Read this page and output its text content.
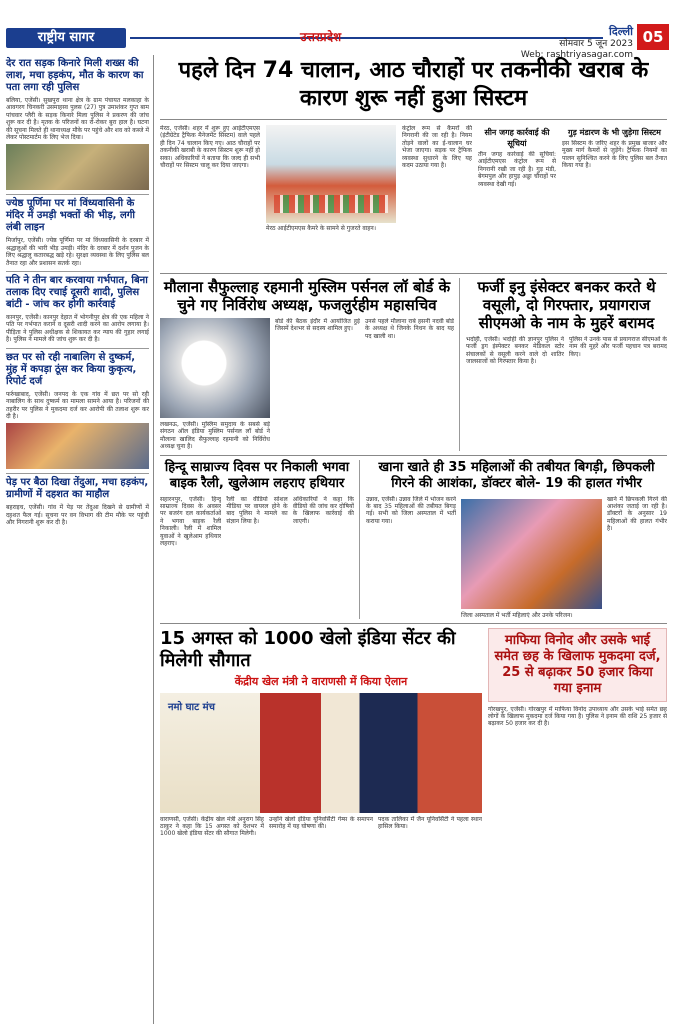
राष्ट्रीय सागर	उत्तरप्रदेश	दिल्ली
सोमवार 5 जून 2023
Web: rashtriyasagar.com
05
देर रात सड़क किनारे मिली शख्स की लाश, मचा हड़कंप, मौत के कारण का पता लगा रही पुलिस
बलिया, एजेंसी। सुखपुरा थाना क्षेत्र के ग्राम पंचायत मलकाहा के आवगरग चिनकरी उसमाहस्व पुलस (27) पुत्र उमाशंकर गुप्त बाम पांचवार प्लैरी के सड़क किनारे मिला पुलिस ने प्रकरण की जांच शुरू कर दी है। मृतक के परिजनों का रो-रोकर बुरा हाल है। घटना की सूचना मिलते ही थानाध्यक्ष मौके पर पहुंचे और शव को कब्जे में लेकर पोस्टमार्टम के लिए भेज दिया।
ज्येष्ठ पूर्णिमा पर मां विंध्यवासिनी के मंदिर में उमड़ी भक्तों की भीड़, लगी लंबी लाइन
मिर्जापुर, एजेंसी। ज्येष्ठ पूर्णिमा पर मां विंध्यवासिनी के दरबार में श्रद्धालुओं की भारी भीड़ उमड़ी। मंदिर के दरबार में दर्शन पूजन के लिए श्रद्धालु कतारबद्ध खड़े रहे। सुरक्षा व्यवस्था के लिए पुलिस बल तैनात रहा और प्रशासन सतर्क रहा।
पति ने तीन बार करवाया गर्भपात, बिना तलाक दिए रचाई दूसरी शादी, पुलिस बांटी - जांच कर होगी कार्रवाई
कानपुर, एजेंसी। कानपुर देहात में भोगनीपुर क्षेत्र की एक महिला ने पति पर गर्भपात कराने व दूसरी शादी करने का आरोप लगाया है। पीड़िता ने पुलिस अधीक्षक से शिकायत कर न्याय की गुहार लगाई है। पुलिस ने मामले की जांच शुरू कर दी है।
छत पर सो रही नाबालिग से दुष्कर्म, मुंह में कपड़ा ठूंस कर किया कुकृत्य, रिपोर्ट दर्ज
फर्रुखाबाद, एजेंसी। जनपद के एक गांव में छत पर सो रही नाबालिग के साथ दुष्कर्म का मामला सामने आया है। परिजनों की तहरीर पर पुलिस ने मुकदमा दर्ज कर आरोपी की तलाश शुरू कर दी है।
पेड़ पर बैठा दिखा तेंदुआ, मचा हड़कंप, ग्रामीणों में दहशत का माहौल
बहराइच, एजेंसी। गांव में पेड़ पर तेंदुआ दिखने से ग्रामीणों में दहशत फैल गई। सूचना पर वन विभाग की टीम मौके पर पहुंची और निगरानी शुरू कर दी है।
पहले दिन 74 चालान, आठ चौराहों पर तकनीकी खराब के कारण शुरू नहीं हुआ सिस्टम
मेरठ, एजेंसी। शहर में शुरू हुए आईटीएमएस (इंटीग्रेटेड ट्रैफिक मैनेजमेंट सिस्टम) वाले पहले ही दिन 74 चालान किए गए। आठ चौराहों पर तकनीकी खराबी के कारण सिस्टम शुरू नहीं हो सका। अधिकारियों ने बताया कि जल्द ही सभी चौराहों पर सिस्टम चालू कर दिया जाएगा।
मेरठ आईटीएमएस कैमरे के सामने से गुजरते वाहन।
कंट्रोल रूम से कैमरों की निगरानी की जा रही है। नियम तोड़ने वालों का ई-चालान घर भेजा जाएगा। सड़क पर ट्रैफिक व्यवस्था सुधारने के लिए यह कदम उठाया गया है।
सीन जगह कार्रवाई की सूचियां
तीन जगह कार्रवाई की सूचियां: आईटीएमएस कंट्रोल रूम से निगरानी रखी जा रही है। गुड़ मंडी, बेगमपुल और हापुड़ अड्डा चौराहों पर व्यवस्था देखी गई।
गुड़ मंडारण के भी जुड़ेगा सिस्टम
इस सिस्टम के जरिए शहर के प्रमुख बाजार और मुख्य मार्ग कैमरों से जुड़ेंगे। ट्रैफिक नियमों का पालन सुनिश्चित करने के लिए पुलिस बल तैनात किया गया है।
मौलाना सैफुल्लाह रहमानी मुस्लिम पर्सनल लॉ बोर्ड के चुने गए निर्विरोध अध्यक्ष, फजलुर्रहीम महासचिव
लखनऊ, एजेंसी। मुस्लिम समुदाय के सबसे बड़े संगठन ऑल इंडिया मुस्लिम पर्सनल लॉ बोर्ड ने मौलाना खालिद सैफुल्लाह रहमानी को निर्विरोध अध्यक्ष चुना है।
बोर्ड की बैठक इंदौर में आयोजित हुई जिसमें देशभर से सदस्य शामिल हुए।
उनसे पहले मौलाना राबे हसनी नदवी बोर्ड के अध्यक्ष थे जिनके निधन के बाद यह पद खाली था।
फर्जी इनु इंसेक्टर बनकर करते थे वसूली, दो गिरफ्तार, प्रयागराज सीएमओ के नाम के मुहरें बरामद
भदोही, एजेंसी। भदोही की ज्ञानपुर पुलिस ने फर्जी ड्रग इंस्पेक्टर बनकर मेडिकल स्टोर संचालकों से वसूली करने वाले दो शातिर जालसाजों को गिरफ्तार किया है।
पुलिस ने उनके पास से प्रयागराज सीएमओ के नाम की मुहरें और फर्जी पहचान पत्र बरामद किए।
हिन्दू साम्राज्य दिवस पर निकाली भगवा बाइक रैली, खुलेआम लहराए हथियार
सहारनपुर, एजेंसी। हिन्दू साम्राज्य दिवस के अवसर पर बजरंग दल कार्यकर्ताओं ने भगवा बाइक रैली निकाली। रैली में शामिल युवाओं ने खुलेआम हथियार लहराए।
रैली का वीडियो सोशल मीडिया पर वायरल होने के बाद पुलिस ने मामले का संज्ञान लिया है।
अधिकारियों ने कहा कि वीडियो की जांच कर दोषियों के खिलाफ कार्रवाई की जाएगी।
खाना खाते ही 35 महिलाओं की तबीयत बिगड़ी, छिपकली गिरने की आशंका, डॉक्टर बोले- 19 की हालत गंभीर
उन्नाव, एजेंसी। उन्नाव जिले में भोजन करने के बाद 35 महिलाओं की तबीयत बिगड़ गई। सभी को जिला अस्पताल में भर्ती कराया गया।
जिला अस्पताल में भर्ती महिलाएं और उनके परिजन।
खाने में छिपकली गिरने की आशंका जताई जा रही है। डॉक्टरों के अनुसार 19 महिलाओं की हालत गंभीर है।
15 अगस्त को 1000 खेलो इंडिया सेंटर की मिलेगी सौगात
केंद्रीय खेल मंत्री ने वाराणसी में किया ऐलान
नमो घाट मंच
वाराणसी, एजेंसी। केंद्रीय खेल मंत्री अनुराग सिंह ठाकुर ने कहा कि 15 अगस्त को देशभर में 1000 खेलो इंडिया सेंटर की सौगात मिलेगी।
उन्होंने खेलो इंडिया यूनिवर्सिटी गेम्स के समापन समारोह में यह घोषणा की।
पदक तालिका में जैन यूनिवर्सिटी ने पहला स्थान हासिल किया।
माफिया विनोद और उसके भाई समेत छह के खिलाफ मुकदमा दर्ज, 25 से बढ़ाकर 50 हजार किया गया इनाम
गोरखपुर, एजेंसी। गोरखपुर में माफिया विनोद उपाध्याय और उसके भाई समेत छह लोगों के खिलाफ मुकदमा दर्ज किया गया है। पुलिस ने इनाम की राशि 25 हजार से बढ़ाकर 50 हजार कर दी है।
